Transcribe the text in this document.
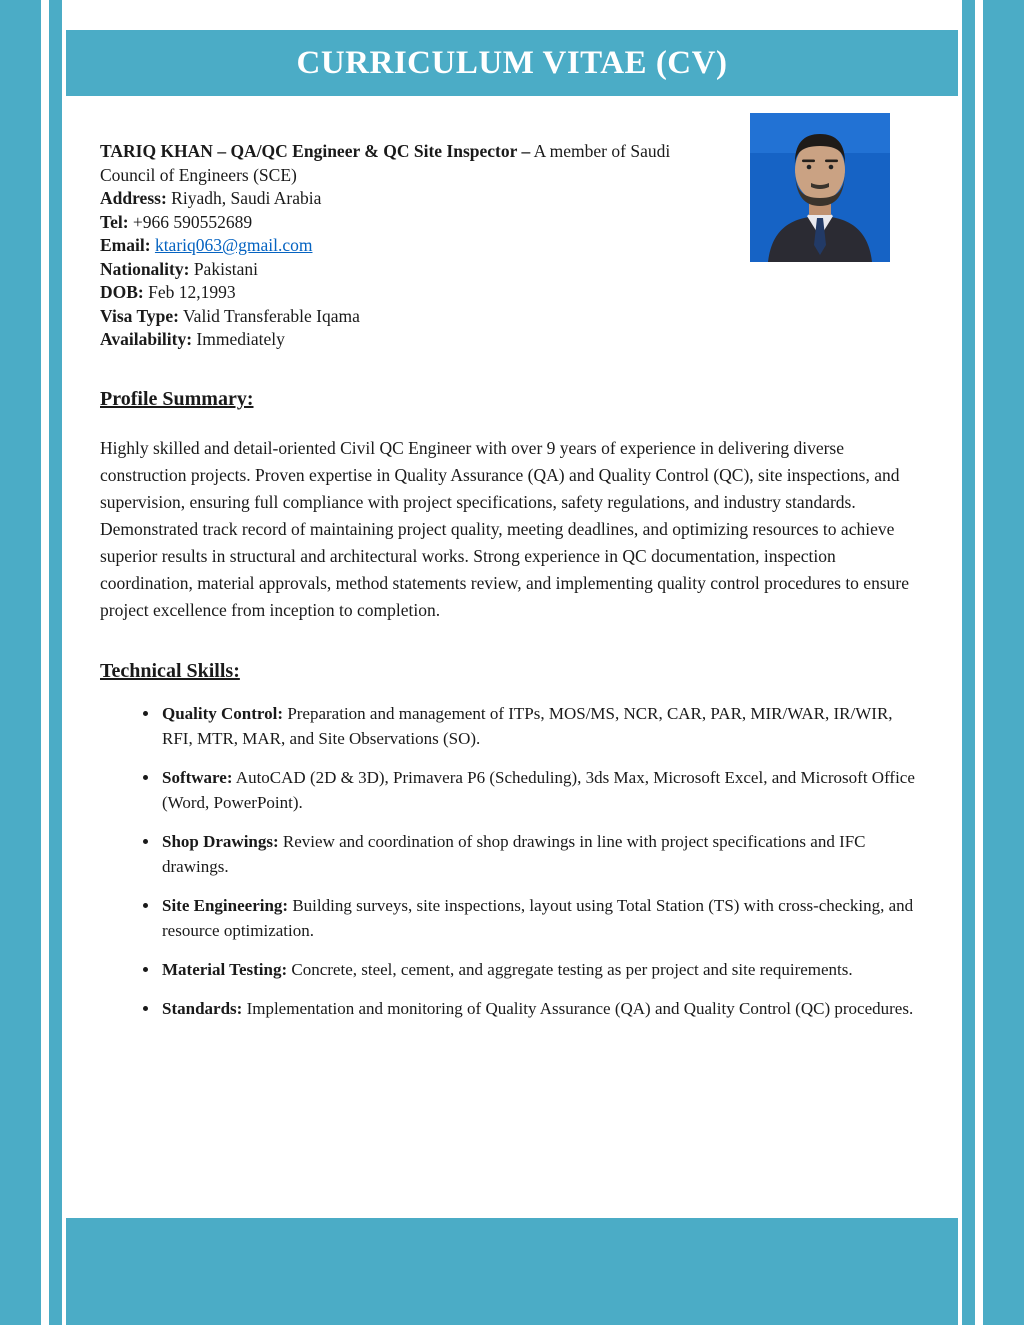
CURRICULUM VITAE (CV)

TARIQ KHAN – QA/QC Engineer & QC Site Inspector – A member of Saudi Council of Engineers (SCE)

Address: Riyadh, Saudi Arabia

Tel: +966 590552689

Email: ktariq063@gmail.com

Nationality: Pakistani

DOB: Feb 12,1993

Visa Type: Valid Transferable Iqama

Availability: Immediately

Profile Summary:

Highly skilled and detail-oriented Civil QC Engineer with over 9 years of experience in delivering diverse construction projects. Proven expertise in Quality Assurance (QA) and Quality Control (QC), site inspections, and supervision, ensuring full compliance with project specifications, safety regulations, and industry standards.

Demonstrated track record of maintaining project quality, meeting deadlines, and optimizing resources to achieve superior results in structural and architectural works. Strong experience in QC documentation, inspection coordination, material approvals, method statements review, and implementing quality control procedures to ensure project excellence from inception to completion.

Technical Skills:
• Quality Control: Preparation and management of ITPs, MOS/MS, NCR, CAR, PAR, MIR/WAR, IR/WIR, RFI, MTR, MAR, and Site Observations (SO).
• Software: AutoCAD (2D & 3D), Primavera P6 (Scheduling), 3ds Max, Microsoft Excel, and Microsoft Office (Word, PowerPoint).
• Shop Drawings: Review and coordination of shop drawings in line with project specifications and IFC drawings.
• Site Engineering: Building surveys, site inspections, layout using Total Station (TS) with cross-checking, and resource optimization.
• Material Testing: Concrete, steel, cement, and aggregate testing as per project and site requirements.
• Standards: Implementation and monitoring of Quality Assurance (QA) and Quality Control (QC) procedures.
